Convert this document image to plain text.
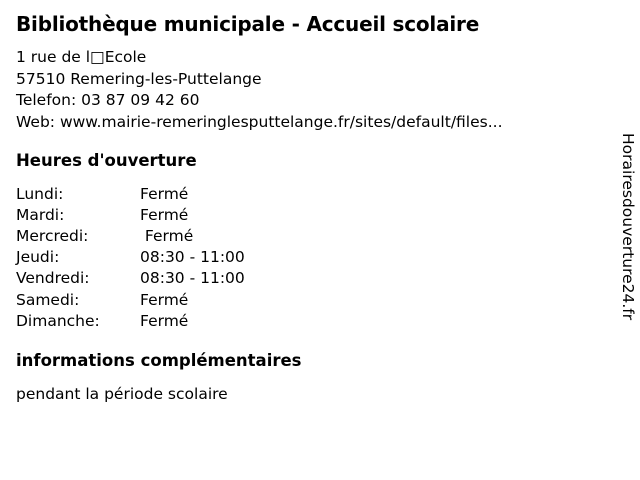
Bibliothèque municipale - Accueil scolaire
1 rue de l□Ecole
57510 Remering-les-Puttelange
Telefon: 03 87 09 42 60
Web: www.mairie-remeringlesputtelange.fr/sites/default/files...
Heures d'ouverture
Lundi:	Fermé
Mardi:	Fermé
Mercredi:	Fermé
Jeudi:	08:30 - 11:00
Vendredi:	08:30 - 11:00
Samedi:	Fermé
Dimanche:	Fermé
informations complémentaires
pendant la période scolaire
Horairesdouverture24.fr
